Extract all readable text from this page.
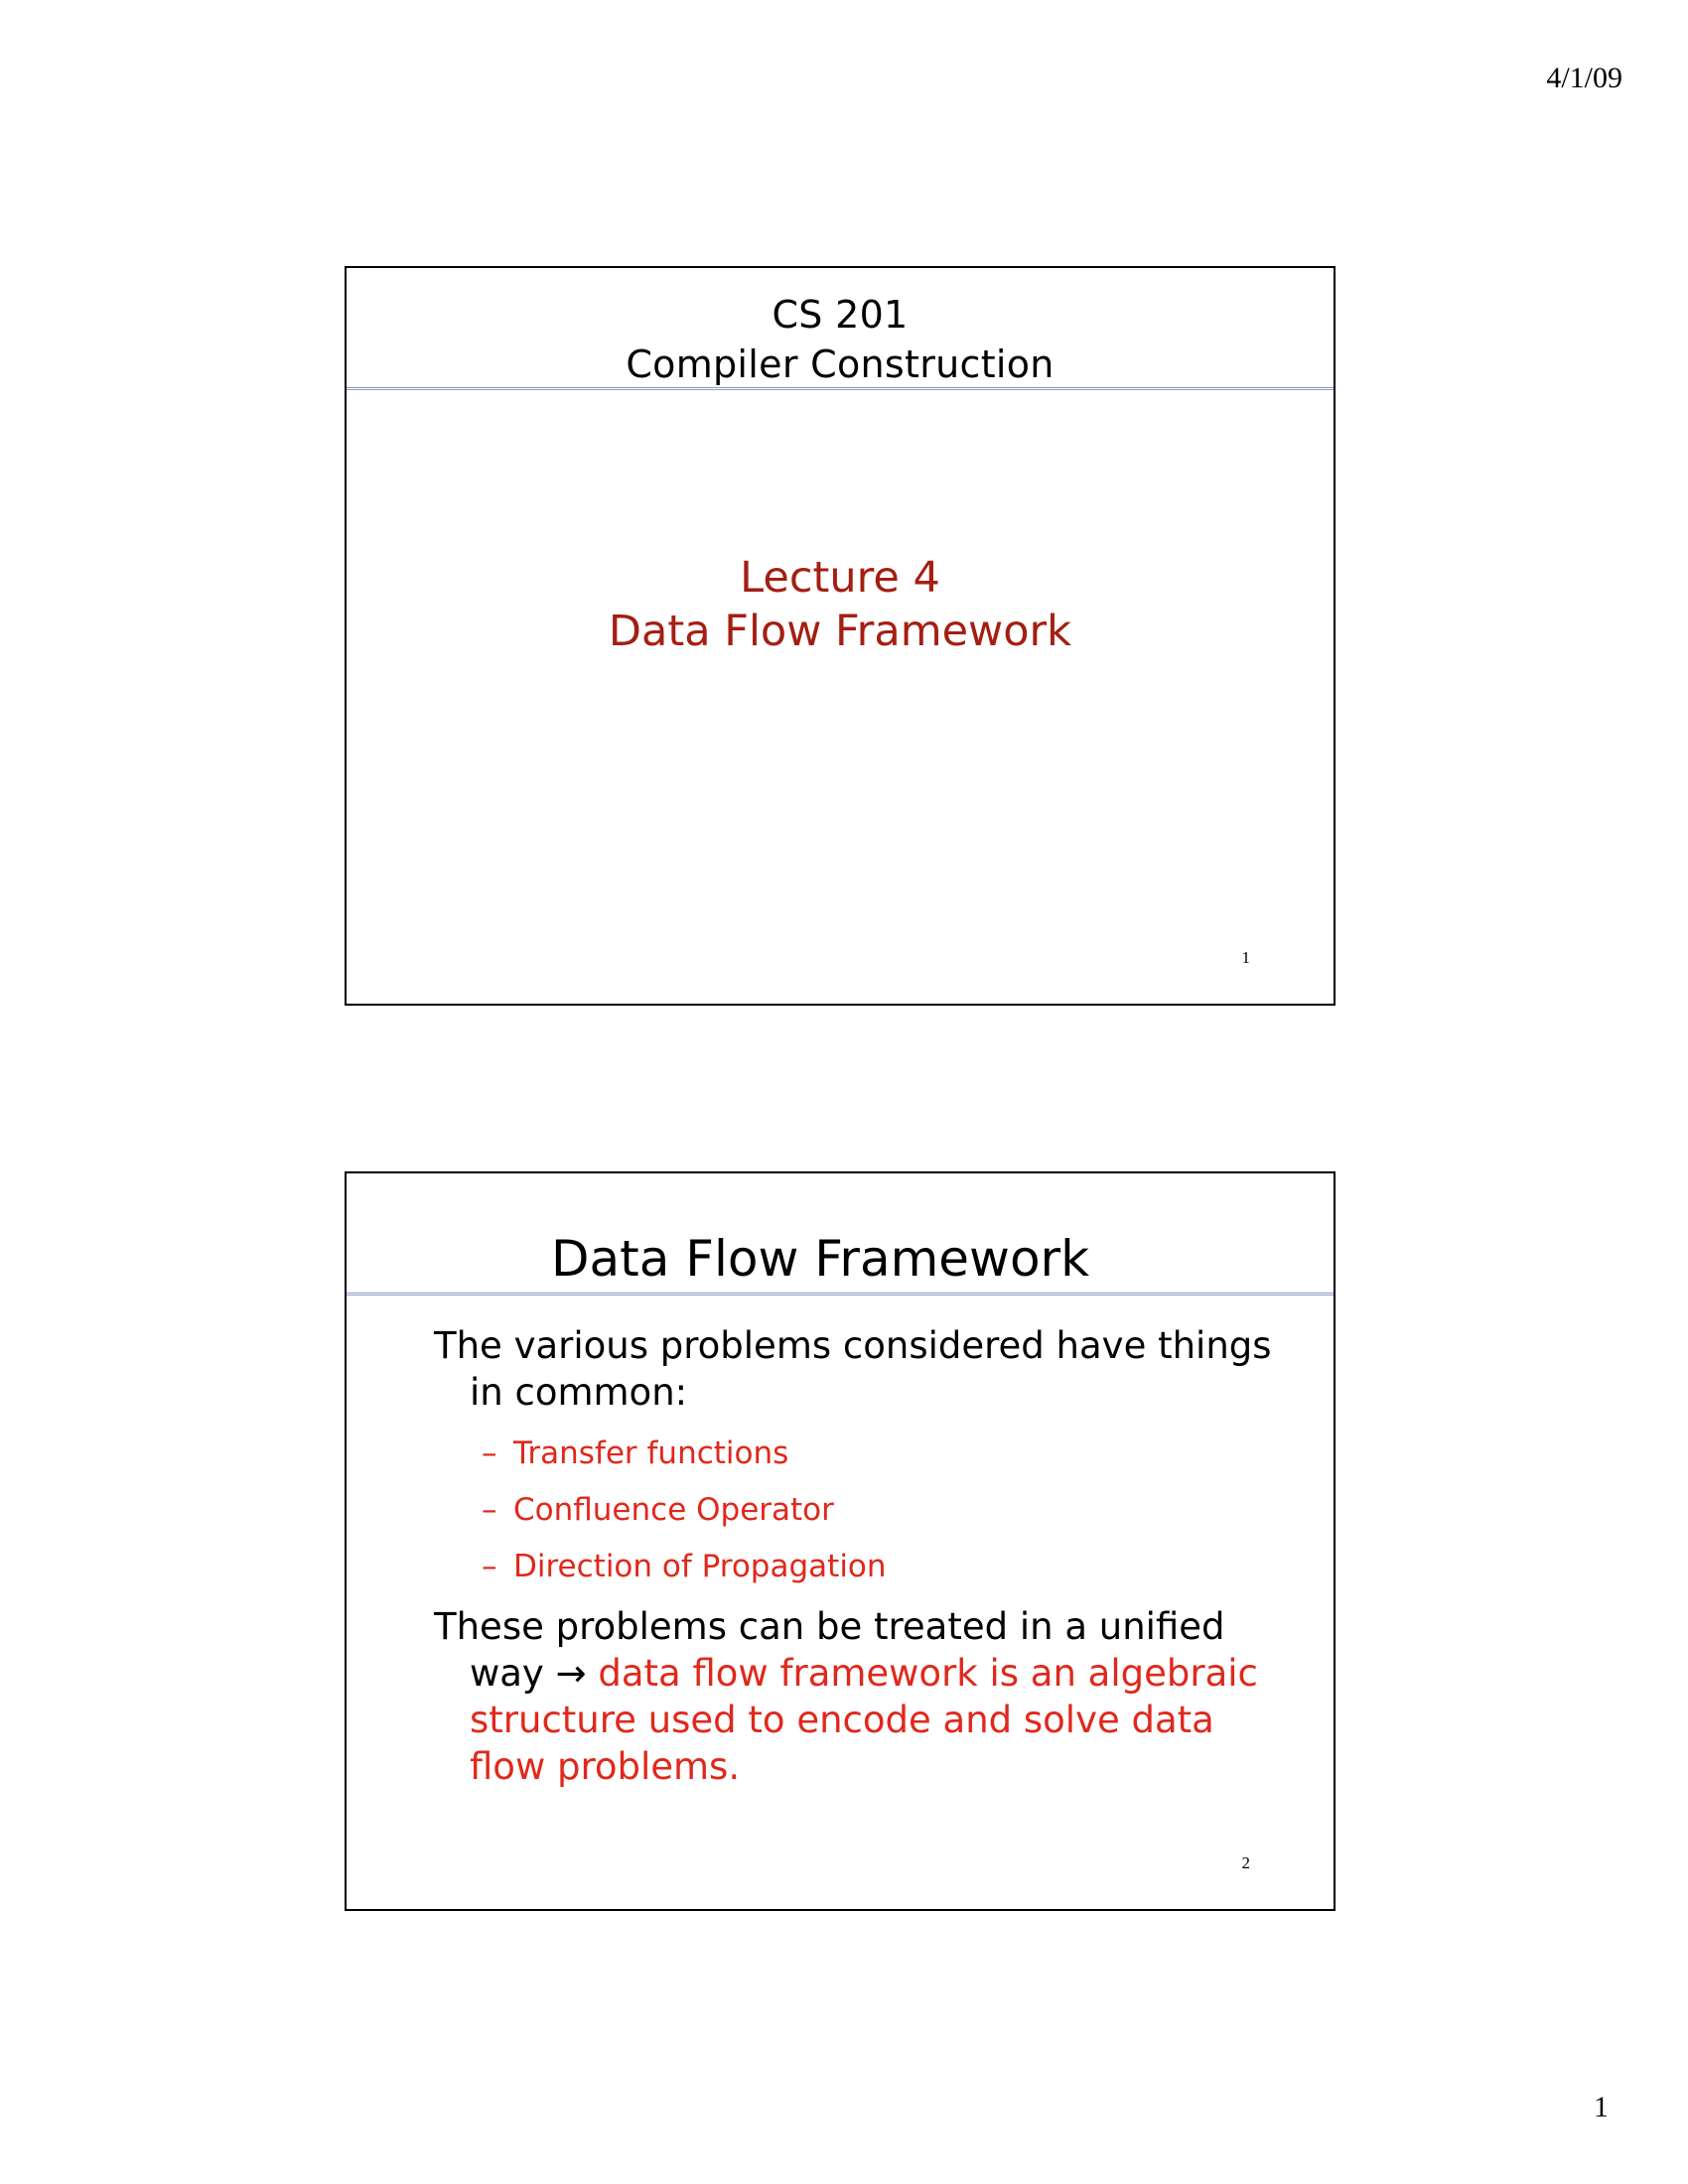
4/1/09
CS 201
Compiler Construction
Lecture 4
Data Flow Framework
1
Data Flow Framework
The various problems considered have things in common:
– Transfer functions
– Confluence Operator
– Direction of Propagation
These problems can be treated in a unified way → data flow framework is an algebraic structure used to encode and solve data flow problems.
2
1
